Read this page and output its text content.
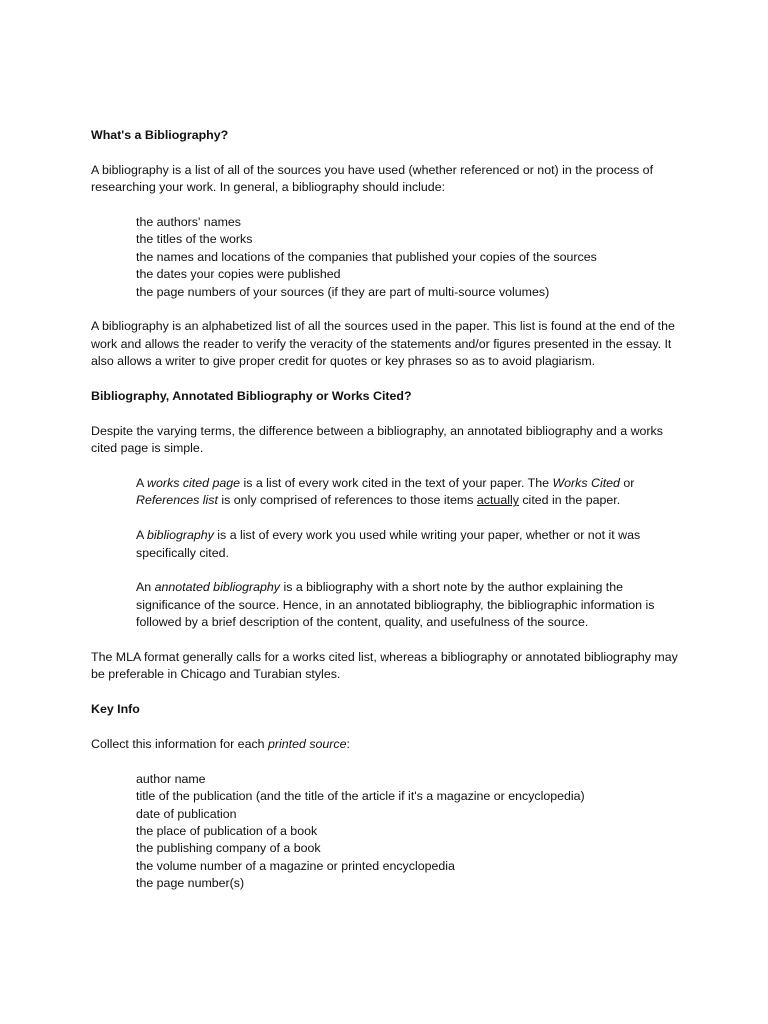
What's a Bibliography?

A bibliography is a list of all of the sources you have used (whether referenced or not) in the process of researching your work. In general, a bibliography should include:

the authors' names
the titles of the works
the names and locations of the companies that published your copies of the sources
the dates your copies were published
the page numbers of your sources (if they are part of multi-source volumes)

A bibliography is an alphabetized list of all the sources used in the paper. This list is found at the end of the work and allows the reader to verify the veracity of the statements and/or figures presented in the essay. It also allows a writer to give proper credit for quotes or key phrases so as to avoid plagiarism.

Bibliography, Annotated Bibliography or Works Cited?

Despite the varying terms, the difference between a bibliography, an annotated bibliography and a works cited page is simple.

A works cited page is a list of every work cited in the text of your paper. The Works Cited or References list is only comprised of references to those items actually cited in the paper.

A bibliography is a list of every work you used while writing your paper, whether or not it was specifically cited.

An annotated bibliography is a bibliography with a short note by the author explaining the significance of the source. Hence, in an annotated bibliography, the bibliographic information is followed by a brief description of the content, quality, and usefulness of the source.

The MLA format generally calls for a works cited list, whereas a bibliography or annotated bibliography may be preferable in Chicago and Turabian styles.

Key Info

Collect this information for each printed source:

author name
title of the publication (and the title of the article if it's a magazine or encyclopedia)
date of publication
the place of publication of a book
the publishing company of a book
the volume number of a magazine or printed encyclopedia
the page number(s)
